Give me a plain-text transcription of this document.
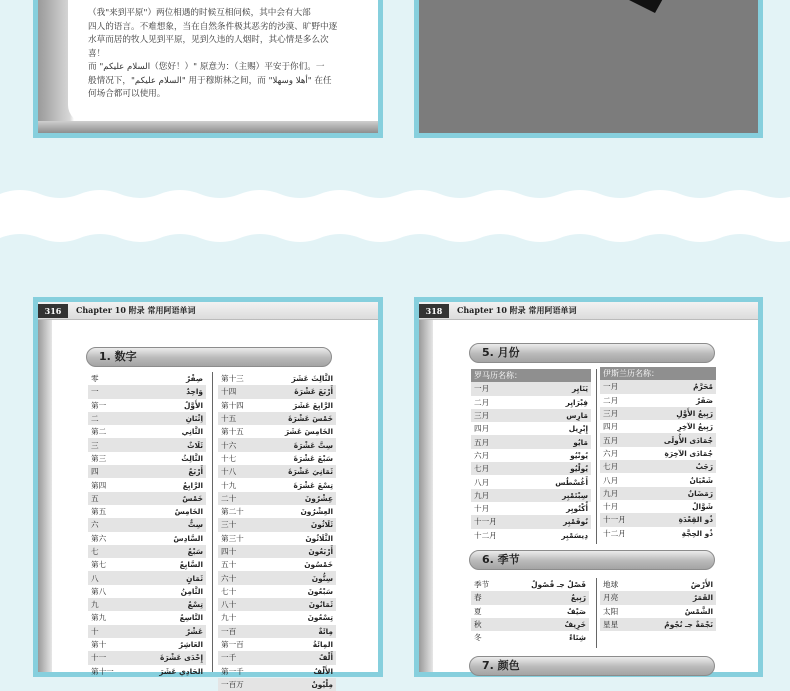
（我"来到平原"）两位相遇的时候互相问候，其中会有大部

四人的语言。不难想象，当在自然条件极其恶劣的沙漠、旷野中逐

水草而居的牧人见到平原，见到久违的人烟时，其心情是多么次

喜！

而 "السلام عليكم（您好！）" 原意为：（主赐）平安于你们。一

般情况下，"السلام عليكم" 用于穆斯林之间，而 "أهلا وسهلا" 在任

何场合都可以使用。

316	Chapter 10 附录 常用阿语单词
1. 数字
零	صِفْرٌ
一	وَاحِدٌ
第一	الأَوَّلُ
二	اِثْنَانِ
第二	الثَّانِي
三	ثَلَاثٌ
第三	الثَّالِثُ
四	أَرْبَعٌ
第四	الرَّابِعُ
五	خَمْسٌ
第五	الخَامِسُ
六	سِتٌّ
第六	السَّادِسُ
七	سَبْعٌ
第七	السَّابِعُ
八	ثَمَانٍ
第八	الثَّامِنُ
九	تِسْعٌ
第九	التَّاسِعُ
十	عَشْرٌ
第十	العَاشِرُ
十一	إِحْدَى عَشْرَةَ
第十一	الحَادِي عَشَرَ
第十三	الثَّالِثَ عَشَرَ
十四	أَرْبَعَ عَشْرَةَ
第十四	الرَّابِعَ عَشَرَ
十五	خَمْسَ عَشْرَةَ
第十五	الخَامِسَ عَشَرَ
十六	سِتَّ عَشْرَةَ
十七	سَبْعَ عَشْرَةَ
十八	ثَمَانِيَ عَشْرَةَ
十九	تِسْعَ عَشْرَةَ
二十	عِشْرُونَ
第二十	العِشْرُونَ
三十	ثَلَاثُونَ
第三十	الثَّلَاثُونَ
四十	أَرْبَعُونَ
五十	خَمْسُونَ
六十	سِتُّونَ
七十	سَبْعُونَ
八十	ثَمَانُونَ
九十	تِسْعُونَ
一百	مِائَةٌ
第一百	المِائَةُ
一千	أَلْفٌ
第一千	الأَلْفُ
一百万	مِلْيُونٌ
318	Chapter 10 附录 常用阿语单词
5. 月份
罗马历名称：	
一月	يَنَايِر
二月	فِبْرَايِر
三月	مَارِس
四月	إِبْرِيل
五月	مَايُو
六月	يُونْيُو
七月	يُولْيُو
八月	أَغُسْطُس
九月	سِبْتَمْبِر
十月	أُكْتُوبِر
十一月	نُوفَمْبِر
十二月	دِيسَمْبِر
伊斯兰历名称：	
一月	مُحَرَّمٌ
二月	صَفَرٌ
三月	رَبِيعُ الأَوَّلِ
四月	رَبِيعُ الآخِرِ
五月	جُمَادَى الأُولَى
六月	جُمَادَى الآخِرَةِ
七月	رَجَبٌ
八月	شَعْبَانُ
九月	رَمَضَانُ
十月	شَوَّالٌ
十一月	ذُو القِعْدَةِ
十二月	ذُو الحِجَّةِ
6. 季节
季节	فَصْلٌ جـ فُصُولٌ
春	رَبِيعٌ
夏	صَيْفٌ
秋	خَرِيفٌ
冬	شِتَاءٌ
地球	الأَرْضُ
月亮	القَمَرُ
太阳	الشَّمْسُ
星星	نَجْمَةٌ جـ نُجُومٌ
7. 颜色
